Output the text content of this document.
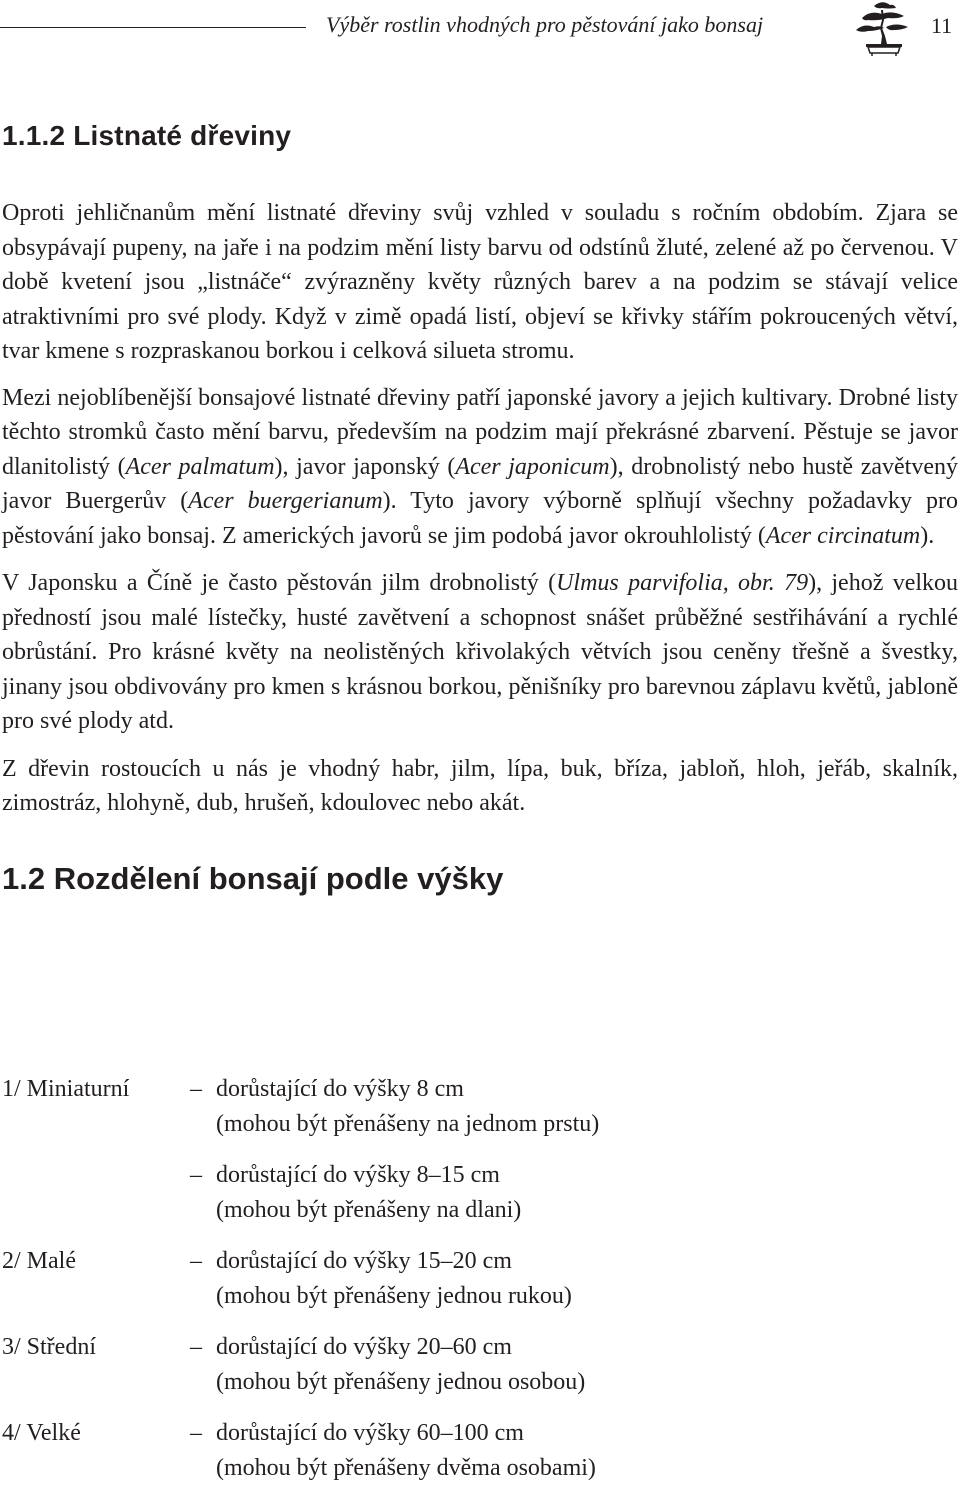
Výběr rostlin vhodných pro pěstování jako bonsaj	11
1.1.2 Listnaté dřeviny

Oproti jehličnanům mění listnaté dřeviny svůj vzhled v souladu s ročním obdobím. Zjara se obsypávají pupeny, na jaře i na podzim mění listy barvu od odstínů žluté, zelené až po červenou. V době kvetení jsou „listnáče“ zvýrazněny květy různých barev a na podzim se stávají velice atraktivními pro své plody. Když v zimě opadá listí, objeví se křivky stářím pokroucených větví, tvar kmene s rozpraskanou borkou i celková silueta stromu.

Mezi nejoblíbenější bonsajové listnaté dřeviny patří japonské javory a jejich kultivary. Drobné listy těchto stromků často mění barvu, především na podzim mají překrásné zbarvení. Pěstuje se javor dlanitolistý (Acer palmatum), javor japonský (Acer japonicum), drobnolistý nebo hustě zavětvený javor Buergerův (Acer buergerianum). Tyto javory výborně splňují všechny požadavky pro pěstování jako bonsaj. Z amerických javorů se jim podobá javor okrouhlolistý (Acer circinatum).

V Japonsku a Číně je často pěstován jilm drobnolistý (Ulmus parvifolia, obr. 79), jehož velkou předností jsou malé lístečky, husté zavětvení a schopnost snášet průběžné sestřihávání a rychlé obrůstání. Pro krásné květy na neolistěných křivolakých větvích jsou ceněny třešně a švestky, jinany jsou obdivovány pro kmen s krásnou borkou, pěnišníky pro barevnou záplavu květů, jabloně pro své plody atd.

Z dřevin rostoucích u nás je vhodný habr, jilm, lípa, buk, bříza, jabloň, hloh, jeřáb, skalník, zimostráz, hlohyně, dub, hrušeň, kdoulovec nebo akát.

1.2 Rozdělení bonsají podle výšky
1/ Miniaturní	– dorůstající do výšky 8 cm
(mohou být přenášeny na jednom prstu)
– dorůstající do výšky 8–15 cm
(mohou být přenášeny na dlani)
2/ Malé	– dorůstající do výšky 15–20 cm
(mohou být přenášeny jednou rukou)
3/ Střední	– dorůstající do výšky 20–60 cm
(mohou být přenášeny jednou osobou)
4/ Velké	– dorůstající do výšky 60–100 cm
(mohou být přenášeny dvěma osobami)
